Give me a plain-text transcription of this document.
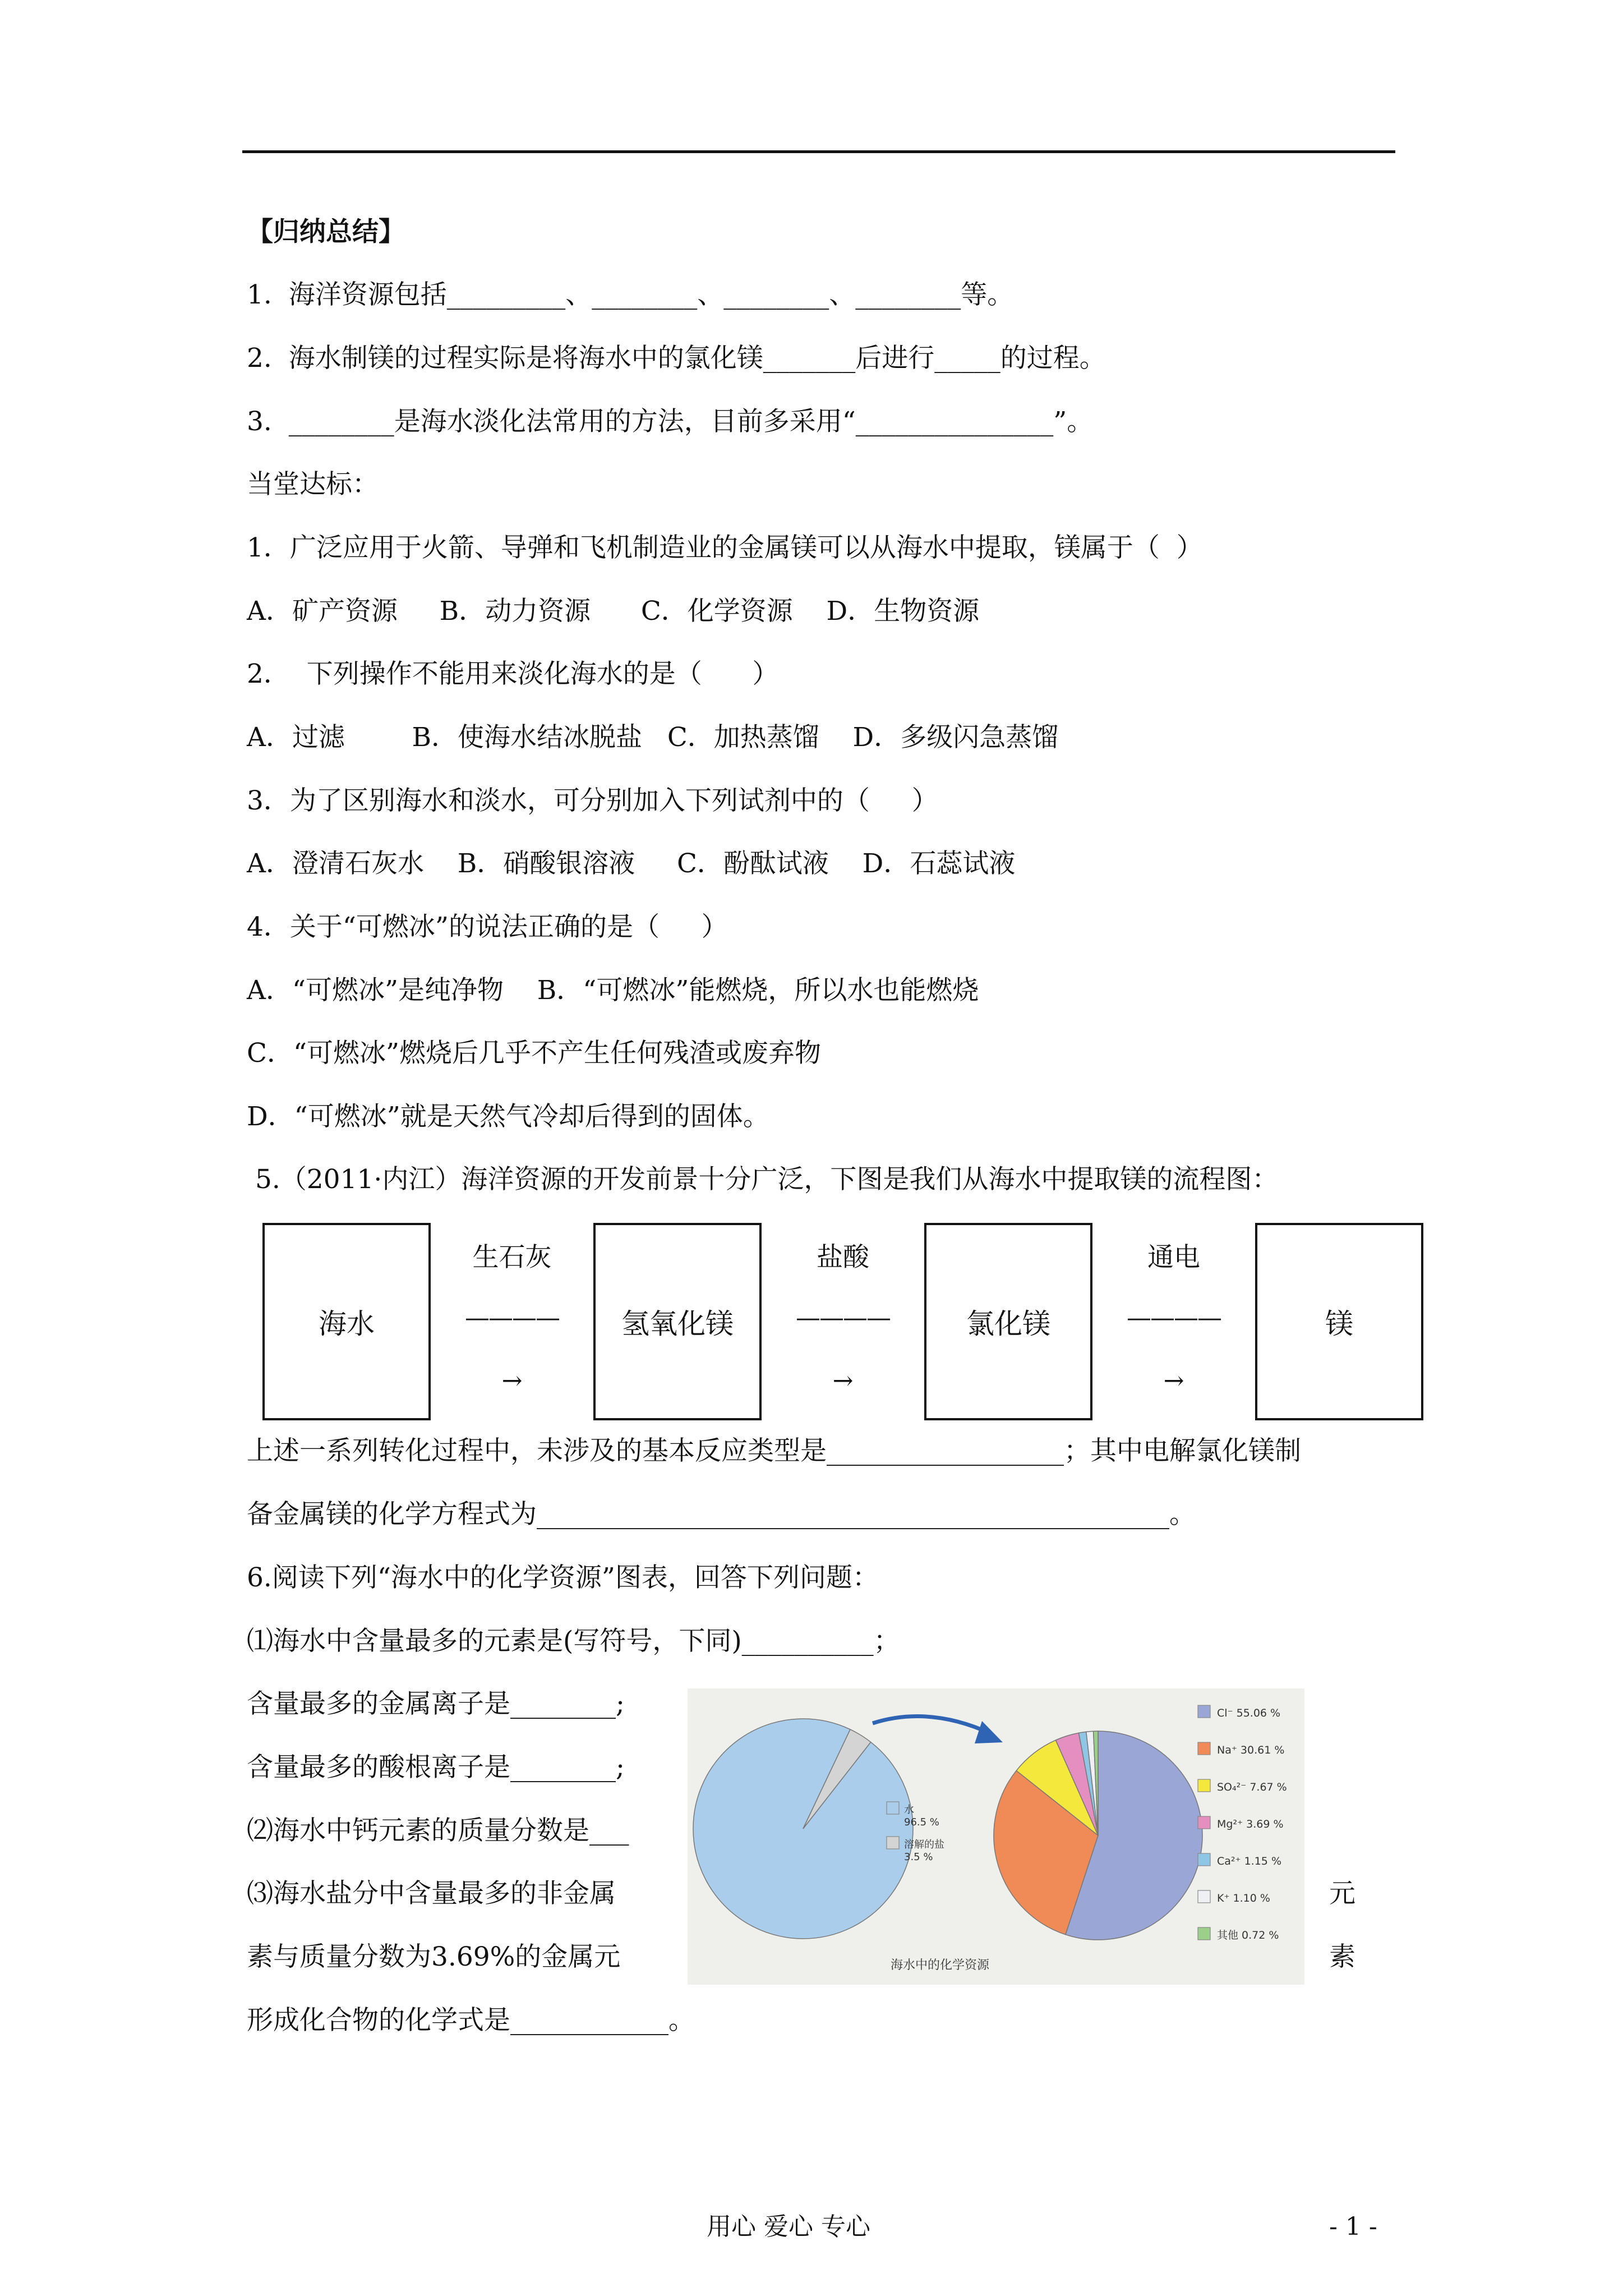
【归纳总结】
1.  海洋资源包括_________、________、________、________等。
2.  海水制镁的过程实际是将海水中的氯化镁_______后进行_____的过程。
3.  ________是海水淡化法常用的方法，目前多采用“_______________”。
当堂达标：
1．广泛应用于火箭、导弹和飞机制造业的金属镁可以从海水中提取，镁属于（  ）
A．矿产资源     B．动力资源      C．化学资源    D．生物资源
2．  下列操作不能用来淡化海水的是（      ）
A．过滤        B．使海水结冰脱盐   C．加热蒸馏    D．多级闪急蒸馏
3．为了区别海水和淡水，可分别加入下列试剂中的（     ）
A．澄清石灰水    B．硝酸银溶液     C．酚酞试液    D．石蕊试液
4．关于“可燃冰”的说法正确的是（     ）
A．“可燃冰”是纯净物    B．“可燃冰”能燃烧，所以水也能燃烧
C．“可燃冰”燃烧后几乎不产生任何残渣或废弃物
D．“可燃冰”就是天然气冷却后得到的固体。
5.（2011·内江）海洋资源的开发前景十分广泛，下图是我们从海水中提取镁的流程图：
海水	氢氧化镁	氯化镁	镁
生石灰	盐酸	通电
————	————	————
→	→	→
上述一系列转化过程中，未涉及的基本反应类型是__________________；其中电解氯化镁制
备金属镁的化学方程式为________________________________________________。
6.阅读下列“海水中的化学资源”图表，回答下列问题：
⑴海水中含量最多的元素是(写符号，下同)__________；
含量最多的金属离子是________;
含量最多的酸根离子是________;
⑵海水中钙元素的质量分数是___
⑶海水盐分中含量最多的非金属	元
素与质量分数为3.69%的金属元	素
形成化合物的化学式是____________。
水
96.5 %
溶解的盐
3.5 %
Cl⁻ 55.06 %
Na⁺ 30.61 %
SO₄²⁻ 7.67 %
Mg²⁺ 3.69 %
Ca²⁺ 1.15 %
K⁺ 1.10 %
其他 0.72 %
海水中的化学资源
用心 爱心 专心	- 1 -
